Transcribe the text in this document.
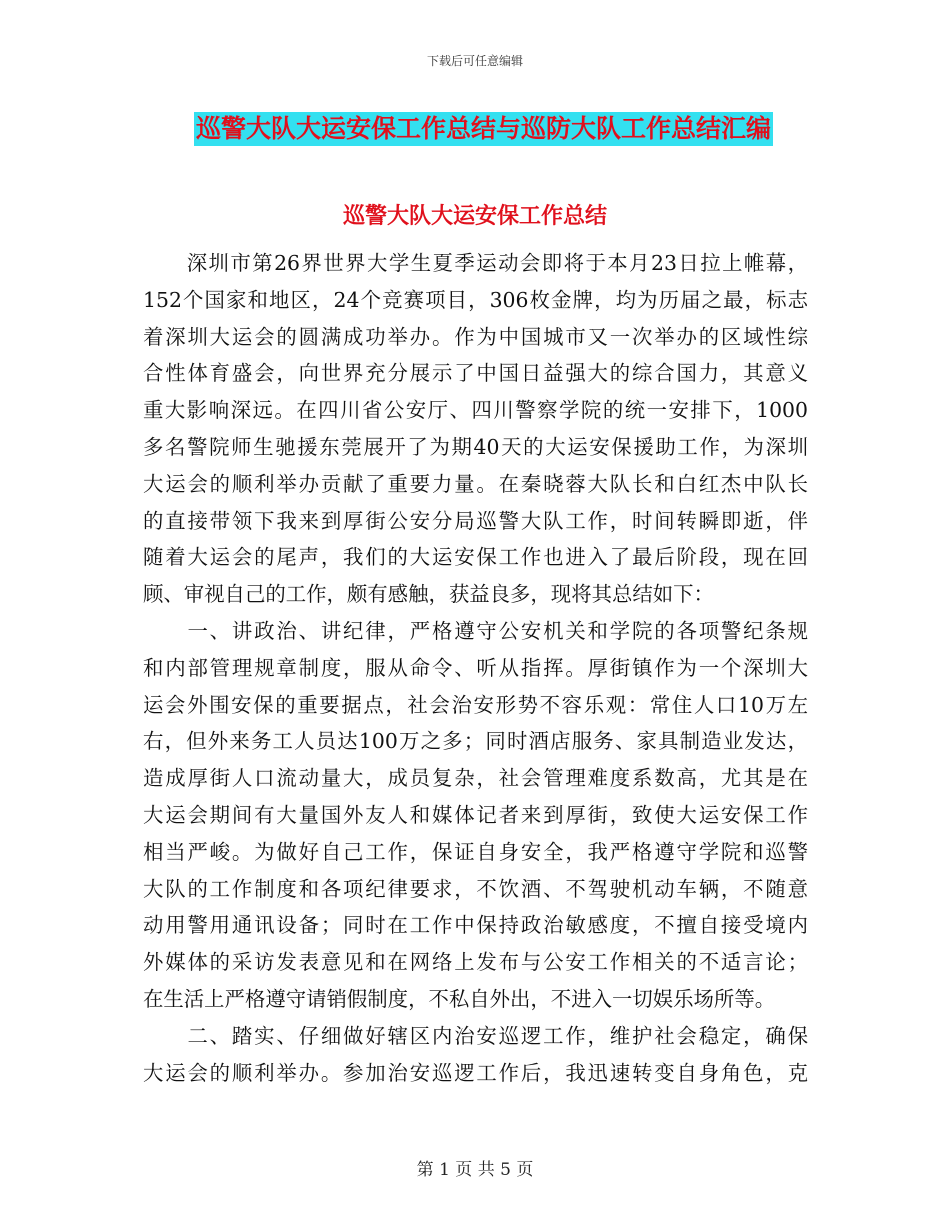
下载后可任意编辑
巡警大队大运安保工作总结与巡防大队工作总结汇编
巡警大队大运安保工作总结
　　深圳市第26界世界大学生夏季运动会即将于本月23日拉上帷幕，
152个国家和地区，24个竞赛项目，306枚金牌，均为历届之最，标志
着深圳大运会的圆满成功举办。作为中国城市又一次举办的区域性综
合性体育盛会，向世界充分展示了中国日益强大的综合国力，其意义
重大影响深远。在四川省公安厅、四川警察学院的统一安排下，1000
多名警院师生驰援东莞展开了为期40天的大运安保援助工作，为深圳
大运会的顺利举办贡献了重要力量。在秦晓蓉大队长和白红杰中队长
的直接带领下我来到厚街公安分局巡警大队工作，时间转瞬即逝，伴
随着大运会的尾声，我们的大运安保工作也进入了最后阶段，现在回
顾、审视自己的工作，颇有感触，获益良多，现将其总结如下：
　　一、讲政治、讲纪律，严格遵守公安机关和学院的各项警纪条规
和内部管理规章制度，服从命令、听从指挥。厚街镇作为一个深圳大
运会外围安保的重要据点，社会治安形势不容乐观：常住人口10万左
右，但外来务工人员达100万之多；同时酒店服务、家具制造业发达，
造成厚街人口流动量大，成员复杂，社会管理难度系数高，尤其是在
大运会期间有大量国外友人和媒体记者来到厚街，致使大运安保工作
相当严峻。为做好自己工作，保证自身安全，我严格遵守学院和巡警
大队的工作制度和各项纪律要求，不饮酒、不驾驶机动车辆，不随意
动用警用通讯设备；同时在工作中保持政治敏感度，不擅自接受境内
外媒体的采访发表意见和在网络上发布与公安工作相关的不适言论；
在生活上严格遵守请销假制度，不私自外出，不进入一切娱乐场所等。
　　二、踏实、仔细做好辖区内治安巡逻工作，维护社会稳定，确保
大运会的顺利举办。参加治安巡逻工作后，我迅速转变自身角色，克
第 1 页 共 5 页
